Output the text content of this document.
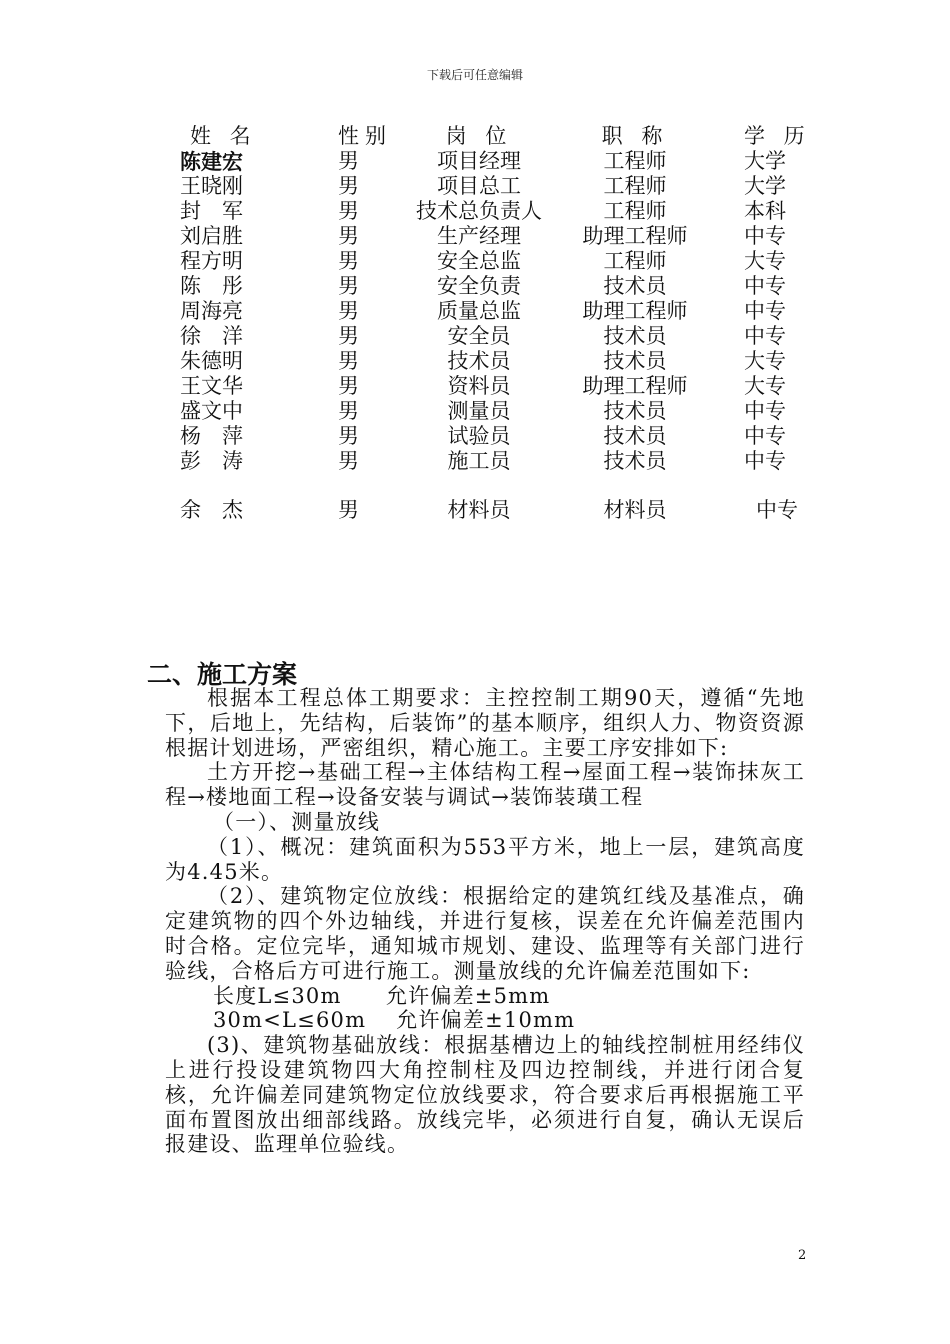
下载后可任意编辑
姓 名	性别	岗 位	职 称	学 历
陈建宏	男	项目经理	工程师	大学
王晓刚	男	项目总工	工程师	大学
封　军	男	技术总负责人	工程师	本科
刘启胜	男	生产经理	助理工程师	中专
程方明	男	安全总监	工程师	大专
陈　彤	男	安全负责	技术员	中专
周海亮	男	质量总监	助理工程师	中专
徐　洋	男	安全员	技术员	中专
朱德明	男	技术员	技术员	大专
王文华	男	资料员	助理工程师	大专
盛文中	男	测量员	技术员	中专
杨　萍	男	试验员	技术员	中专
彭　涛	男	施工员	技术员	中专
余　杰	男	材料员	材料员	中专
二、施工方案

根据本工程总体工期要求：主控控制工期90天，遵循“先地下，后地上，先结构，后装饰”的基本顺序，组织人力、物资资源根据计划进场，严密组织，精心施工。主要工序安排如下:

土方开挖→基础工程→主体结构工程→屋面工程→装饰抹灰工程→楼地面工程→设备安装与调试→装饰装璜工程

（一）、测量放线

（1）、概况：建筑面积为553平方米，地上一层，建筑高度为4.45米。

（2）、建筑物定位放线：根据给定的建筑红线及基准点，确定建筑物的四个外边轴线，并进行复核，误差在允许偏差范围内时合格。定位完毕，通知城市规划、建设、监理等有关部门进行验线，合格后方可进行施工。测量放线的允许偏差范围如下:

长度L≤30m　　允许偏差±5mm

30m<L≤60m　 允许偏差±10mm

(3)、建筑物基础放线：根据基槽边上的轴线控制桩用经纬仪上进行投设建筑物四大角控制柱及四边控制线，并进行闭合复核，允许偏差同建筑物定位放线要求，符合要求后再根据施工平面布置图放出细部线路。放线完毕，必须进行自复，确认无误后报建设、监理单位验线。

2
